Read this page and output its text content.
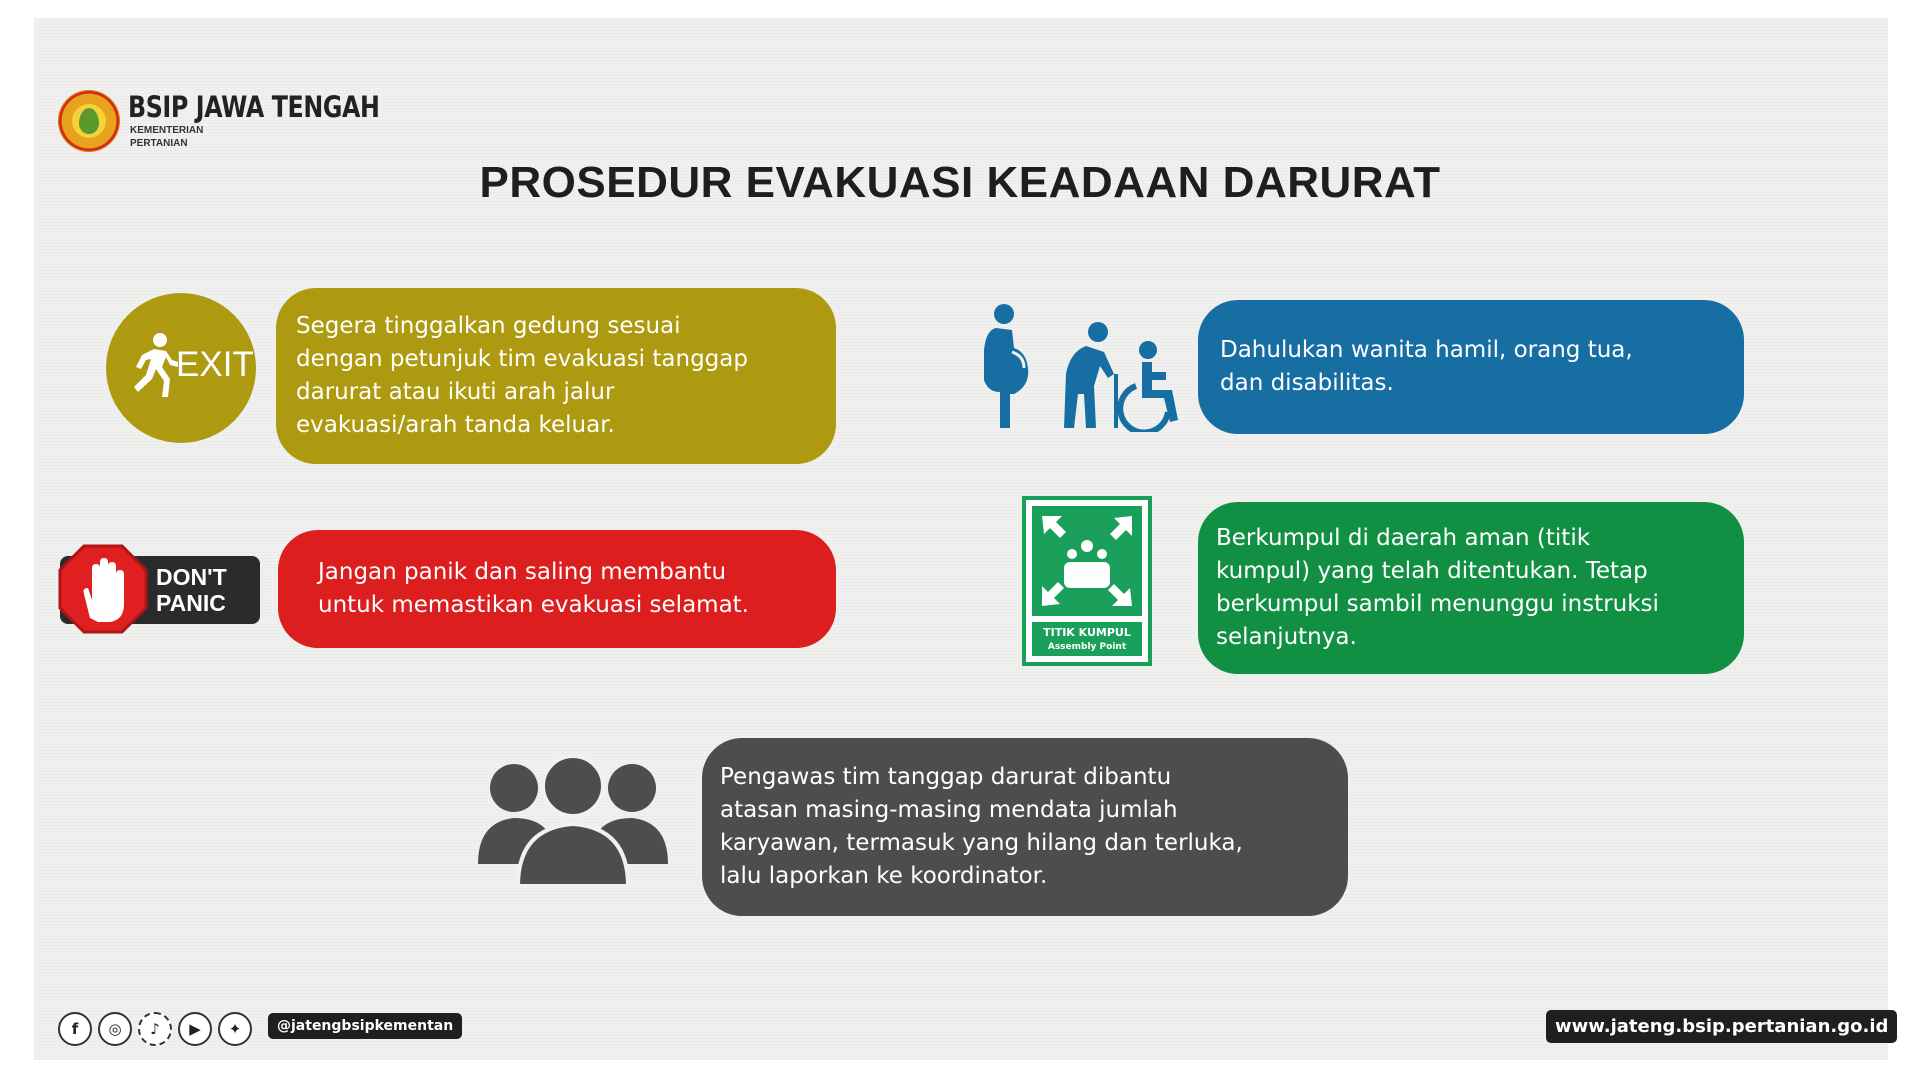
BSIP JAWA TENGAH
KEMENTERIAN
PERTANIAN
PROSEDUR EVAKUASI KEADAAN DARURAT
EXIT
Segera tinggalkan gedung sesuai
dengan petunjuk tim evakuasi tanggap
darurat atau ikuti arah jalur
evakuasi/arah tanda keluar.
Dahulukan wanita hamil, orang tua,
dan disabilitas.
DON'T
PANIC
Jangan panik dan saling membantu
untuk memastikan evakuasi selamat.
TITIK KUMPUL
Assembly Point
Berkumpul di daerah aman (titik
kumpul) yang telah ditentukan. Tetap
berkumpul sambil menunggu instruksi
selanjutnya.
Pengawas tim tanggap darurat dibantu
atasan masing-masing mendata jumlah
karyawan, termasuk yang hilang dan terluka,
lalu laporkan ke koordinator.
f	◎	♪	▶	✦	@jatengbsipkementan	www.jateng.bsip.pertanian.go.id
